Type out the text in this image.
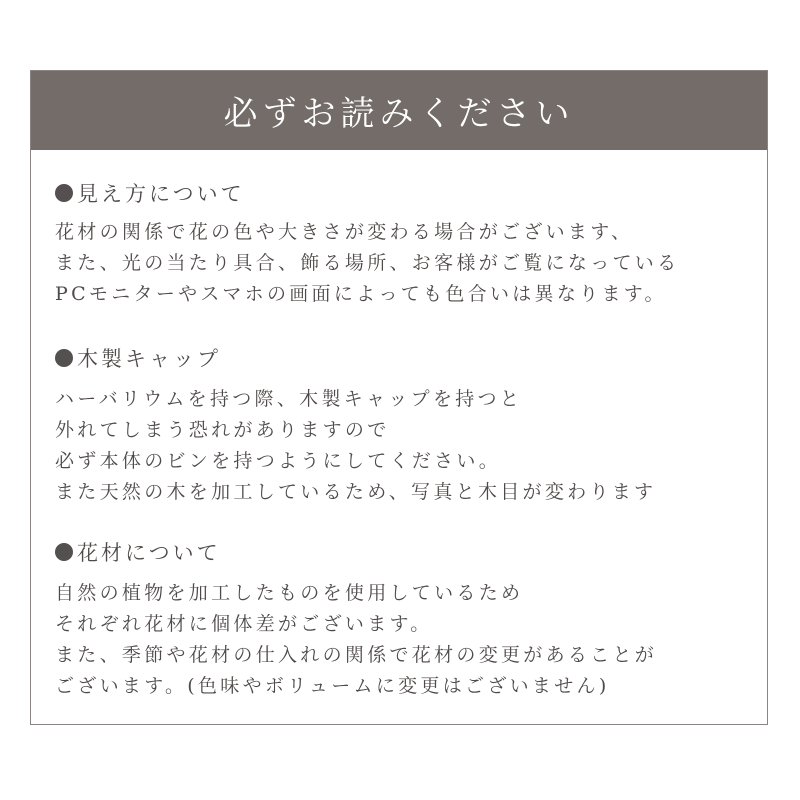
必ずお読みください
見え方について
花材の関係で花の色や大きさが変わる場合がございます、
また、光の当たり具合、飾る場所、お客様がご覧になっている
PCモニターやスマホの画面によっても色合いは異なります。
木製キャップ
ハーバリウムを持つ際、木製キャップを持つと
外れてしまう恐れがありますので
必ず本体のビンを持つようにしてください。
また天然の木を加工しているため、写真と木目が変わります
花材について
自然の植物を加工したものを使用しているため
それぞれ花材に個体差がございます。
また、季節や花材の仕入れの関係で花材の変更があることが
ございます。(色味やボリュームに変更はございません)
